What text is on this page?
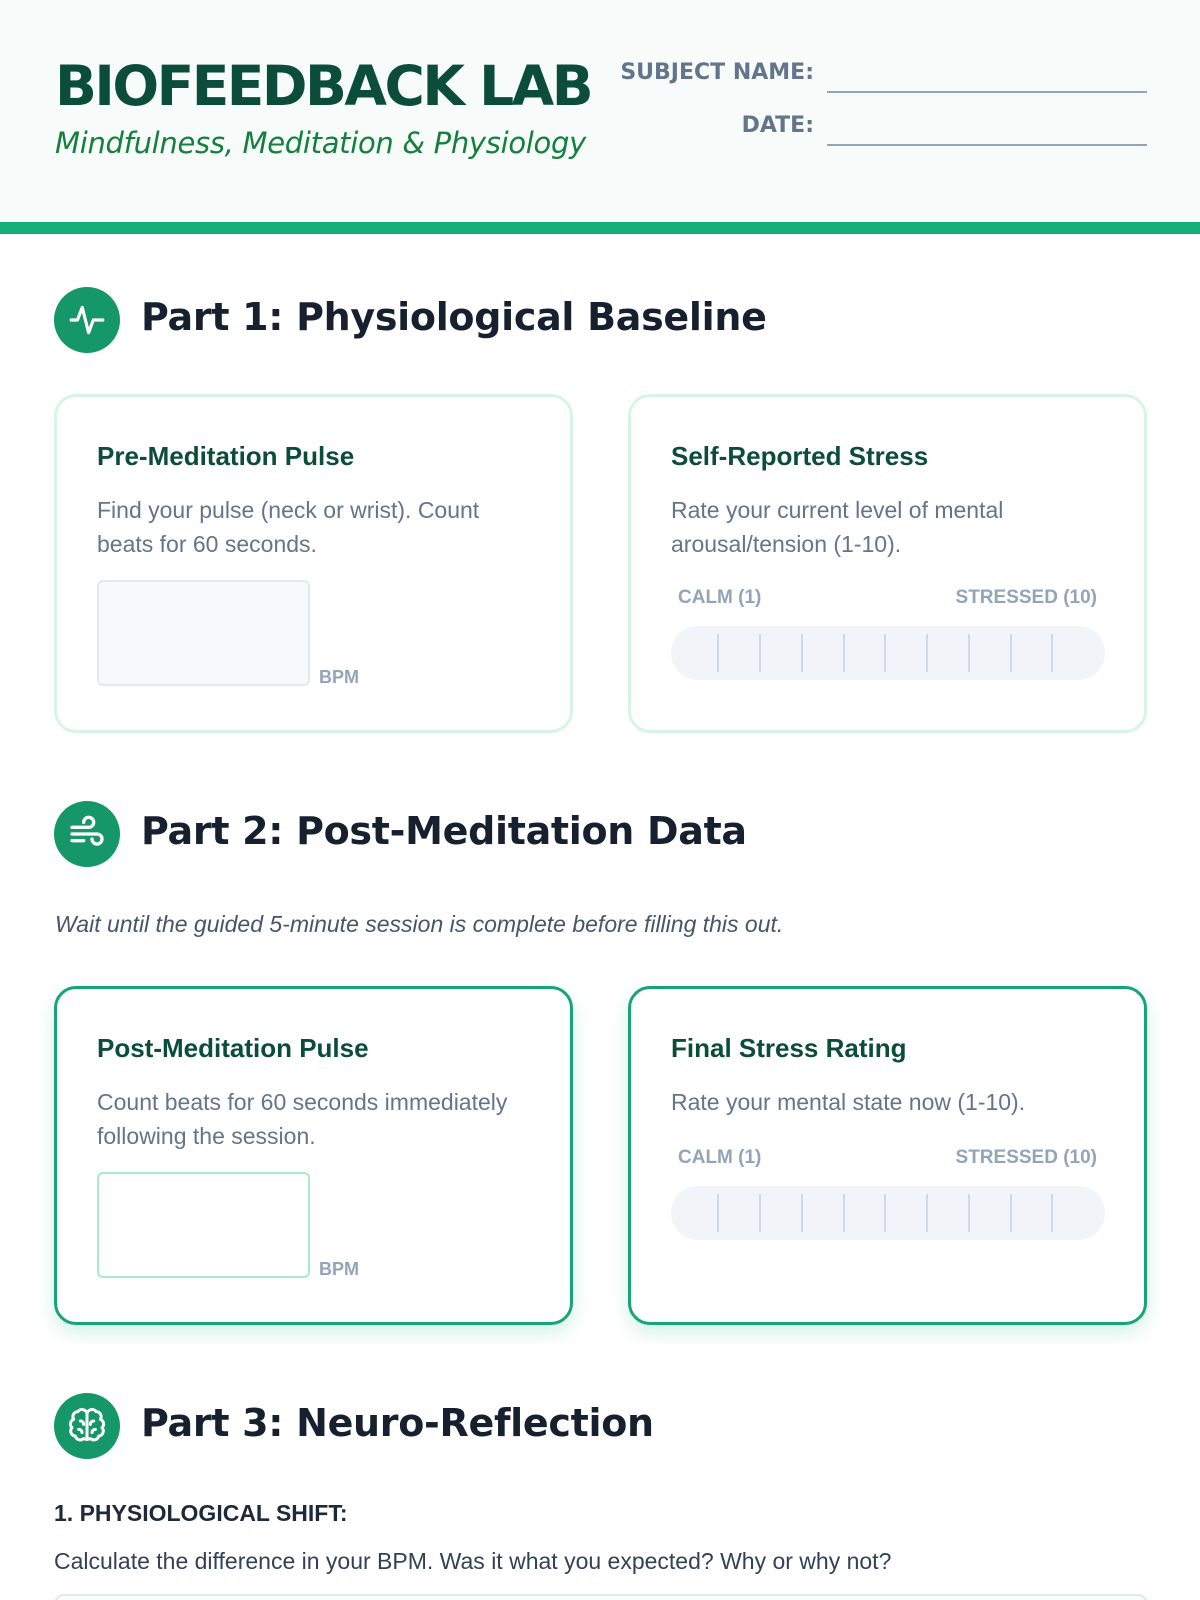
BIOFEEDBACK LAB
Mindfulness, Meditation & Physiology
SUBJECT NAME:
DATE:
Part 1: Physiological Baseline
Pre-Meditation Pulse
Find your pulse (neck or wrist). Count beats for 60 seconds.
BPM
Self-Reported Stress
Rate your current level of mental arousal/tension (1-10).
CALM (1)	STRESSED (10)
Part 2: Post-Meditation Data
Wait until the guided 5-minute session is complete before filling this out.
Post-Meditation Pulse
Count beats for 60 seconds immediately following the session.
BPM
Final Stress Rating
Rate your mental state now (1-10).
CALM (1)	STRESSED (10)
Part 3: Neuro-Reflection
1. PHYSIOLOGICAL SHIFT:
Calculate the difference in your BPM. Was it what you expected? Why or why not?
